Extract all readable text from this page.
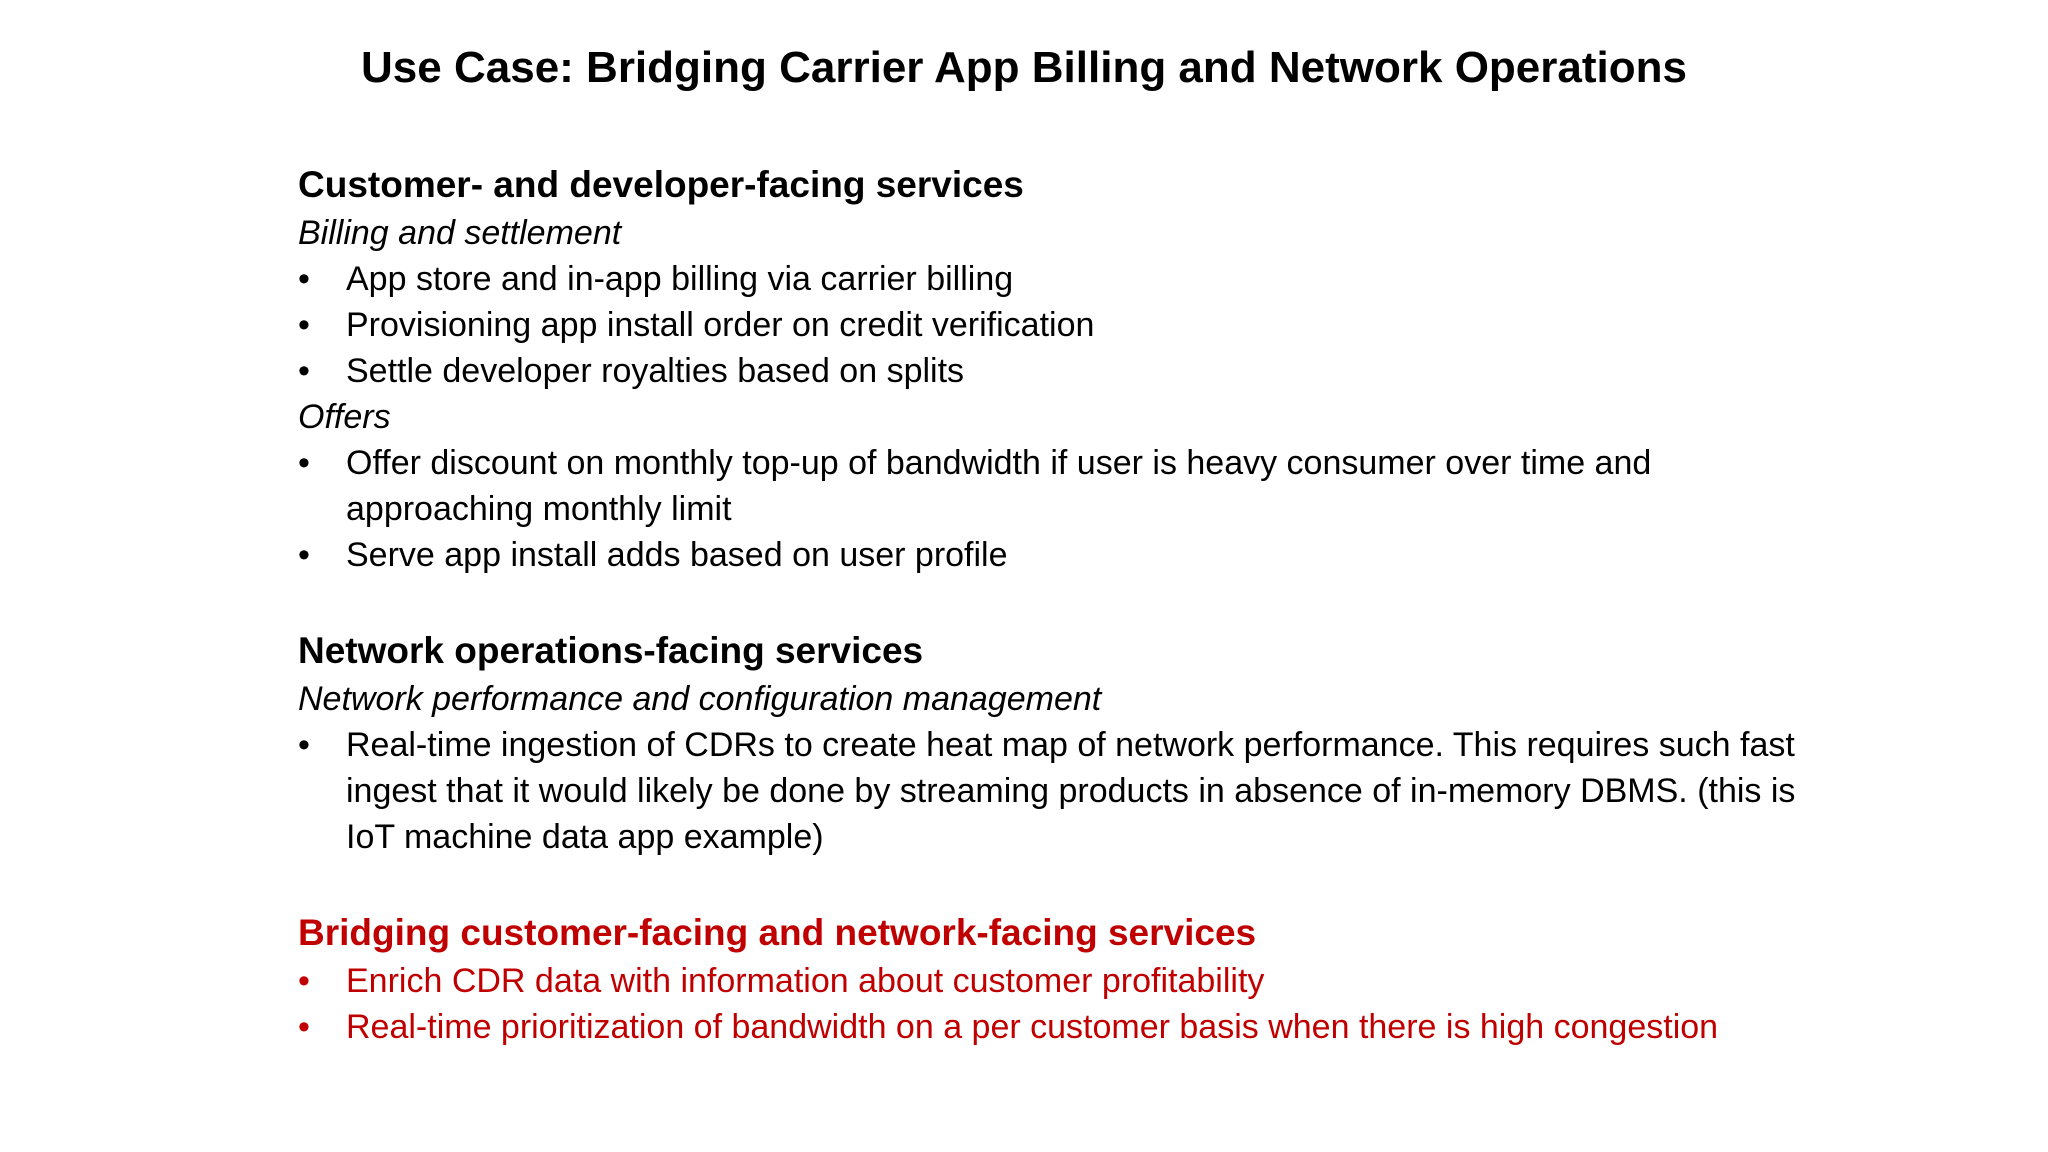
Use Case: Bridging Carrier App Billing and Network Operations

Customer- and developer-facing services

Billing and settlement

•	App store and in-app billing via carrier billing
•	Provisioning app install order on credit verification
•	Settle developer royalties based on splits

Offers

•	Offer discount on monthly top-up of bandwidth if user is heavy consumer over time and approaching monthly limit
•	Serve app install adds based on user profile

Network operations-facing services

Network performance and configuration management

•	Real-time ingestion of CDRs to create heat map of network performance. This requires such fast ingest that it would likely be done by streaming products in absence of in-memory DBMS. (this is IoT machine data app example)

Bridging customer-facing and network-facing services

•	Enrich CDR data with information about customer profitability
•	Real-time prioritization of bandwidth on a per customer basis when there is high congestion
